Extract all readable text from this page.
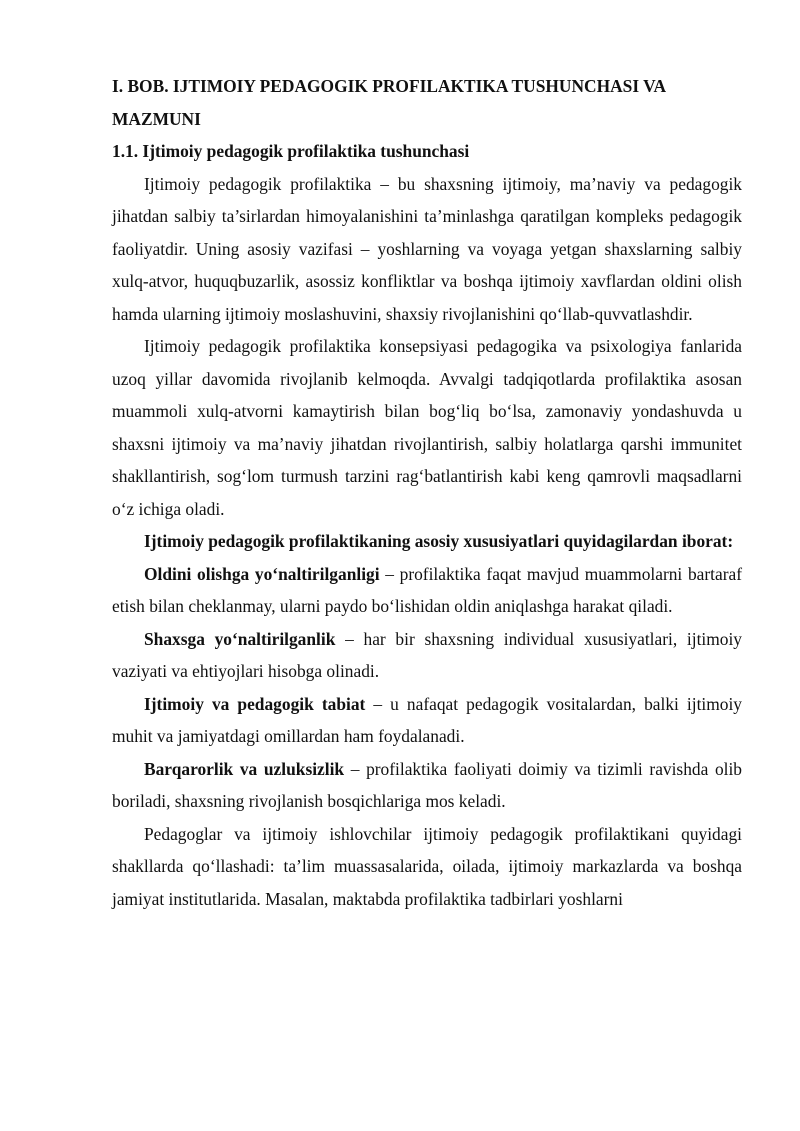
I. BOB. IJTIMOIY PEDAGOGIK PROFILAKTIKA TUSHUNCHASI VA MAZMUNI
1.1. Ijtimoiy pedagogik profilaktika tushunchasi

Ijtimoiy pedagogik profilaktika – bu shaxsning ijtimoiy, ma’naviy va pedagogik jihatdan salbiy ta’sirlardan himoyalanishini ta’minlashga qaratilgan kompleks pedagogik faoliyatdir. Uning asosiy vazifasi – yoshlarning va voyaga yetgan shaxslarning salbiy xulq-atvor, huquqbuzarlik, asossiz konfliktlar va boshqa ijtimoiy xavflardan oldini olish hamda ularning ijtimoiy moslashuvini, shaxsiy rivojlanishini qo‘llab-quvvatlashdir.

Ijtimoiy pedagogik profilaktika konsepsiyasi pedagogika va psixologiya fanlarida uzoq yillar davomida rivojlanib kelmoqda. Avvalgi tadqiqotlarda profilaktika asosan muammoli xulq-atvorni kamaytirish bilan bog‘liq bo‘lsa, zamonaviy yondashuvda u shaxsni ijtimoiy va ma’naviy jihatdan rivojlantirish, salbiy holatlarga qarshi immunitet shakllantirish, sog‘lom turmush tarzini rag‘batlantirish kabi keng qamrovli maqsadlarni o‘z ichiga oladi.

Ijtimoiy pedagogik profilaktikaning asosiy xususiyatlari quyidagilardan iborat:

Oldini olishga yo‘naltirilganligi – profilaktika faqat mavjud muammolarni bartaraf etish bilan cheklanmay, ularni paydo bo‘lishidan oldin aniqlashga harakat qiladi.

Shaxsga yo‘naltirilganlik – har bir shaxsning individual xususiyatlari, ijtimoiy vaziyati va ehtiyojlari hisobga olinadi.

Ijtimoiy va pedagogik tabiat – u nafaqat pedagogik vositalardan, balki ijtimoiy muhit va jamiyatdagi omillardan ham foydalanadi.

Barqarorlik va uzluksizlik – profilaktika faoliyati doimiy va tizimli ravishda olib boriladi, shaxsning rivojlanish bosqichlariga mos keladi.

Pedagoglar va ijtimoiy ishlovchilar ijtimoiy pedagogik profilaktikani quyidagi shakllarda qo‘llashadi: ta’lim muassasalarida, oilada, ijtimoiy markazlarda va boshqa jamiyat institutlarida. Masalan, maktabda profilaktika tadbirlari yoshlarni
